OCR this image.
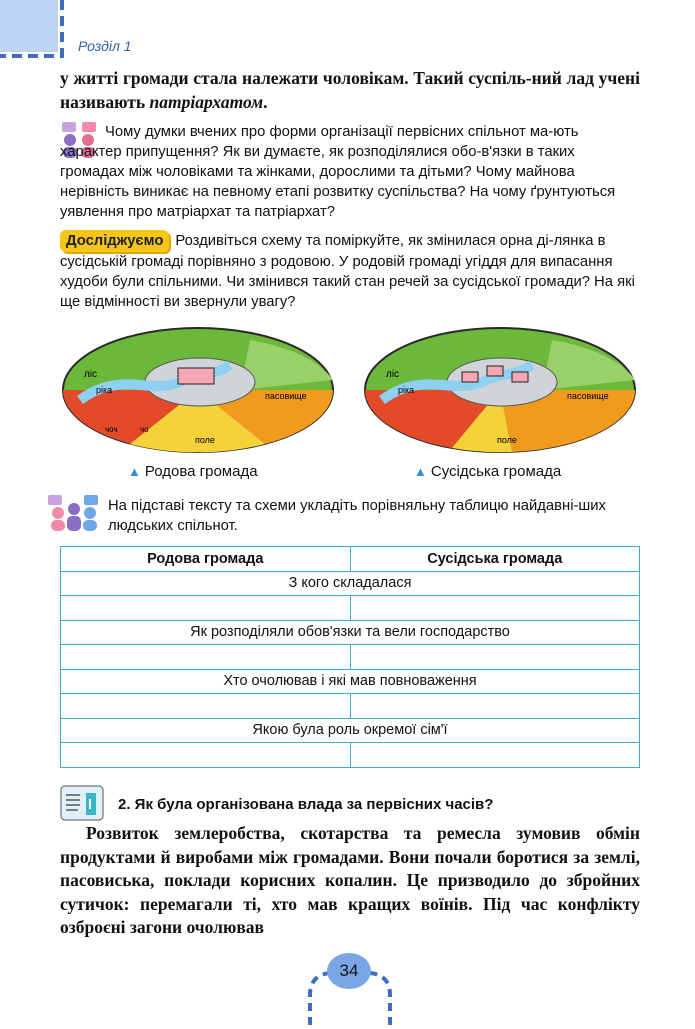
Розділ 1
у житті громади стала належати чоловікам. Такий суспіль-ний лад учені називають патріархатом.
Чому думки вчених про форми організації первісних спільнот ма-ють характер припущення? Як ви думаєте, як розподілялися обо-в'язки в таких громадах між чоловіками та жінками, дорослими та дітьми? Чому майнова нерівність виникає на певному етапі розвитку суспільства? На чому ґрунтуються уявлення про матріархат та патріархат?
Досліджуємо Роздивіться схему та поміркуйте, як змінилася орна ді-лянка в сусідській громаді порівняно з родовою. У родовій громаді угіддя для випасання худоби були спільними. Чи змінився такий стан речей за сусідської громади? На які ще відмінності ви звернули увагу?
ліс
ріка
пасовище
поле
чо
чоч
ліс
ріка
пасовище
поле
▲ Родова громада	▲ Сусідська громада
На підставі тексту та схеми укладіть порівняльну таблицю найдавні-ших людських спільнот.
Родова громада	Сусідська громада
З кого складалася	

Як розподіляли обов'язки та вели господарство	

Хто очолював і які мав повноваження	

Якою була роль окремої сім'ї	

2. Як була організована влада за первісних часів?
Розвиток землеробства, скотарства та ремесла зумовив обмін продуктами й виробами між громадами. Вони почали боротися за землі, пасовиська, поклади корисних копалин. Це призводило до збройних сутичок: перемагали ті, хто мав кращих воїнів. Під час конфлікту озброєні загони очолював
34
